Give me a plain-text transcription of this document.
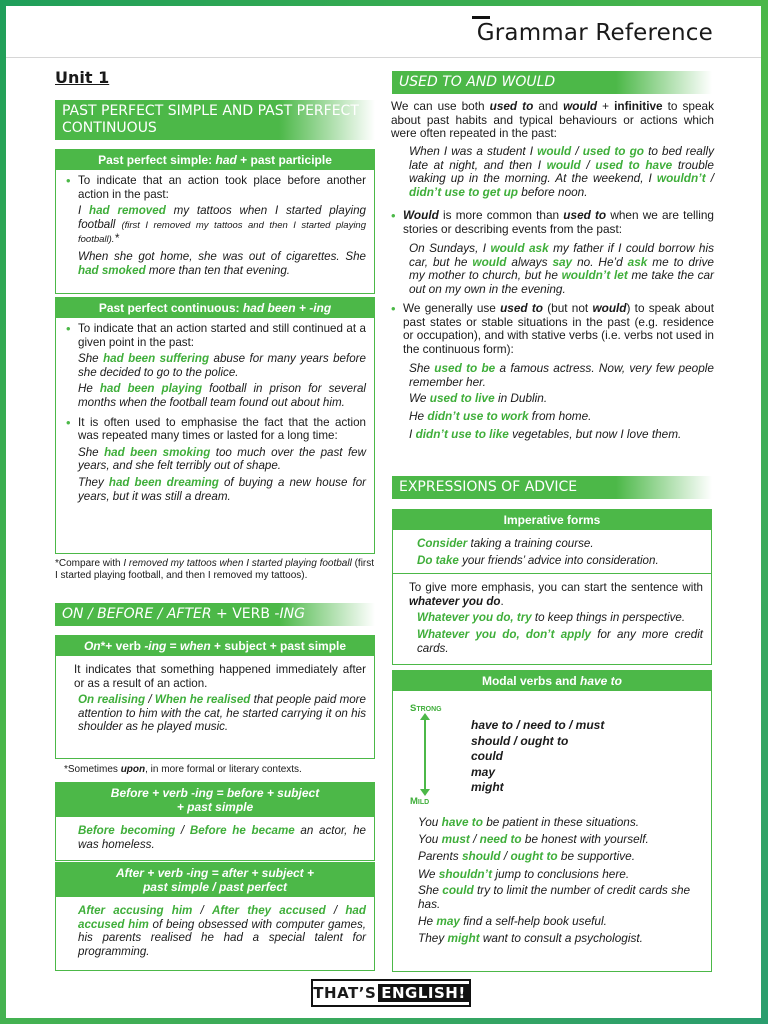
Grammar Reference
Unit 1
PAST PERFECT SIMPLE AND PAST PERFECT CONTINUOUS
Past perfect simple: had + past participle
• To indicate that an action took place before another action in the past:
I had removed my tattoos when I started playing football (first I removed my tattoos and then I started playing football).*
When she got home, she was out of cigarettes. She had smoked more than ten that evening.
Past perfect continuous: had been + -ing
• To indicate that an action started and still continued at a given point in the past:
She had been suffering abuse for many years before she decided to go to the police.
He had been playing football in prison for several months when the football team found out about him.
• It is often used to emphasise the fact that the action was repeated many times or lasted for a long time:
She had been smoking too much over the past few years, and she felt terribly out of shape.
They had been dreaming of buying a new house for years, but it was still a dream.
*Compare with I removed my tattoos when I started playing football (first I started playing football, and then I removed my tattoos).
ON / BEFORE / AFTER + VERB -ING
On*+ verb -ing = when + subject + past simple
It indicates that something happened immediately after or as a result of an action.
On realising / When he realised that people paid more attention to him with the cat, he started carrying it on his shoulder as he played music.
*Sometimes upon, in more formal or literary contexts.
Before + verb -ing = before + subject
+ past simple
Before becoming / Before he became an actor, he was homeless.
After + verb -ing = after + subject +
past simple / past perfect
After accusing him / After they accused / had accused him of being obsessed with computer games, his parents realised he had a special talent for programming.
USED TO AND WOULD
We can use both used to and would + infinitive to speak about past habits and typical behaviours or actions which were often repeated in the past:
When I was a student I would / used to go to bed really late at night, and then I would / used to have trouble waking up in the morning. At the weekend, I wouldn’t / didn’t use to get up before noon.
• Would is more common than used to when we are telling stories or describing events from the past:
On Sundays, I would ask my father if I could borrow his car, but he would always say no. He’d ask me to drive my mother to church, but he wouldn’t let me take the car out on my own in the evening.
• We generally use used to (but not would) to speak about past states or stable situations in the past (e.g. residence or occupation), and with stative verbs (i.e. verbs not used in the continuous form):
She used to be a famous actress. Now, very few people remember her.
We used to live in Dublin.
He didn’t use to work from home.
I didn’t use to like vegetables, but now I love them.
EXPRESSIONS OF ADVICE
Imperative forms
Consider taking a training course.
Do take your friends’ advice into consideration.
To give more emphasis, you can start the sentence with whatever you do.
Whatever you do, try to keep things in perspective.
Whatever you do, don’t apply for any more credit cards.
Modal verbs and have to
Strong
Mild
have to / need to / must
should / ought to
could
may
might
You have to be patient in these situations.
You must / need to be honest with yourself.
Parents should / ought to be supportive.
We shouldn’t jump to conclusions here.
She could try to limit the number of credit cards she has.
He may find a self-help book useful.
They might want to consult a psychologist.
THAT’S ENGLISH!
